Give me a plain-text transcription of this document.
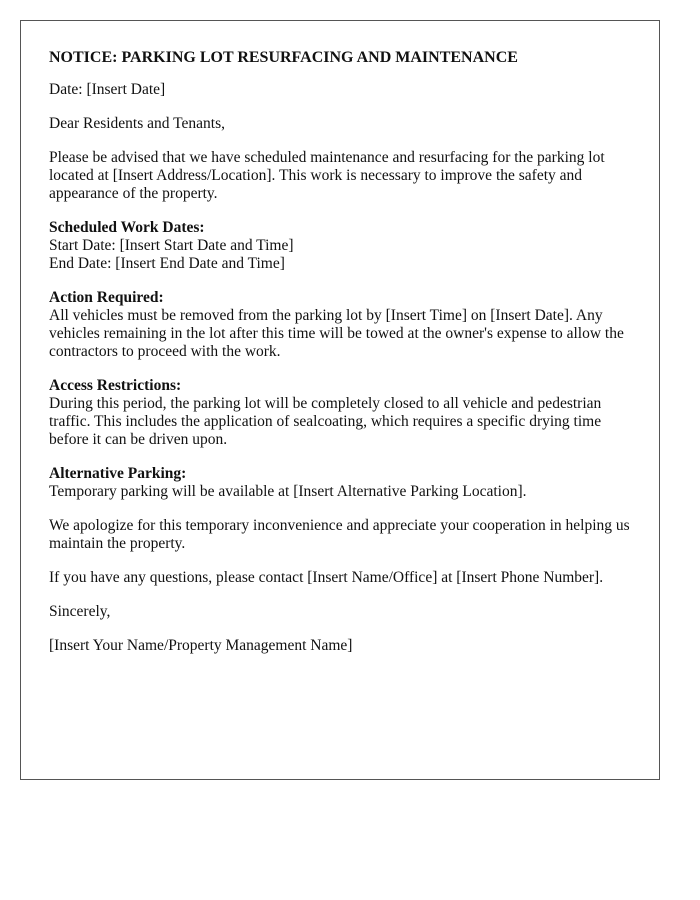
NOTICE: PARKING LOT RESURFACING AND MAINTENANCE

Date: [Insert Date]

Dear Residents and Tenants,

Please be advised that we have scheduled maintenance and resurfacing for the parking lot located at [Insert Address/Location]. This work is necessary to improve the safety and appearance of the property.

Scheduled Work Dates:
Start Date: [Insert Start Date and Time]
End Date: [Insert End Date and Time]

Action Required:
All vehicles must be removed from the parking lot by [Insert Time] on [Insert Date]. Any vehicles remaining in the lot after this time will be towed at the owner's expense to allow the contractors to proceed with the work.

Access Restrictions:
During this period, the parking lot will be completely closed to all vehicle and pedestrian traffic. This includes the application of sealcoating, which requires a specific drying time before it can be driven upon.

Alternative Parking:
Temporary parking will be available at [Insert Alternative Parking Location].

We apologize for this temporary inconvenience and appreciate your cooperation in helping us maintain the property.

If you have any questions, please contact [Insert Name/Office] at [Insert Phone Number].

Sincerely,

[Insert Your Name/Property Management Name]
